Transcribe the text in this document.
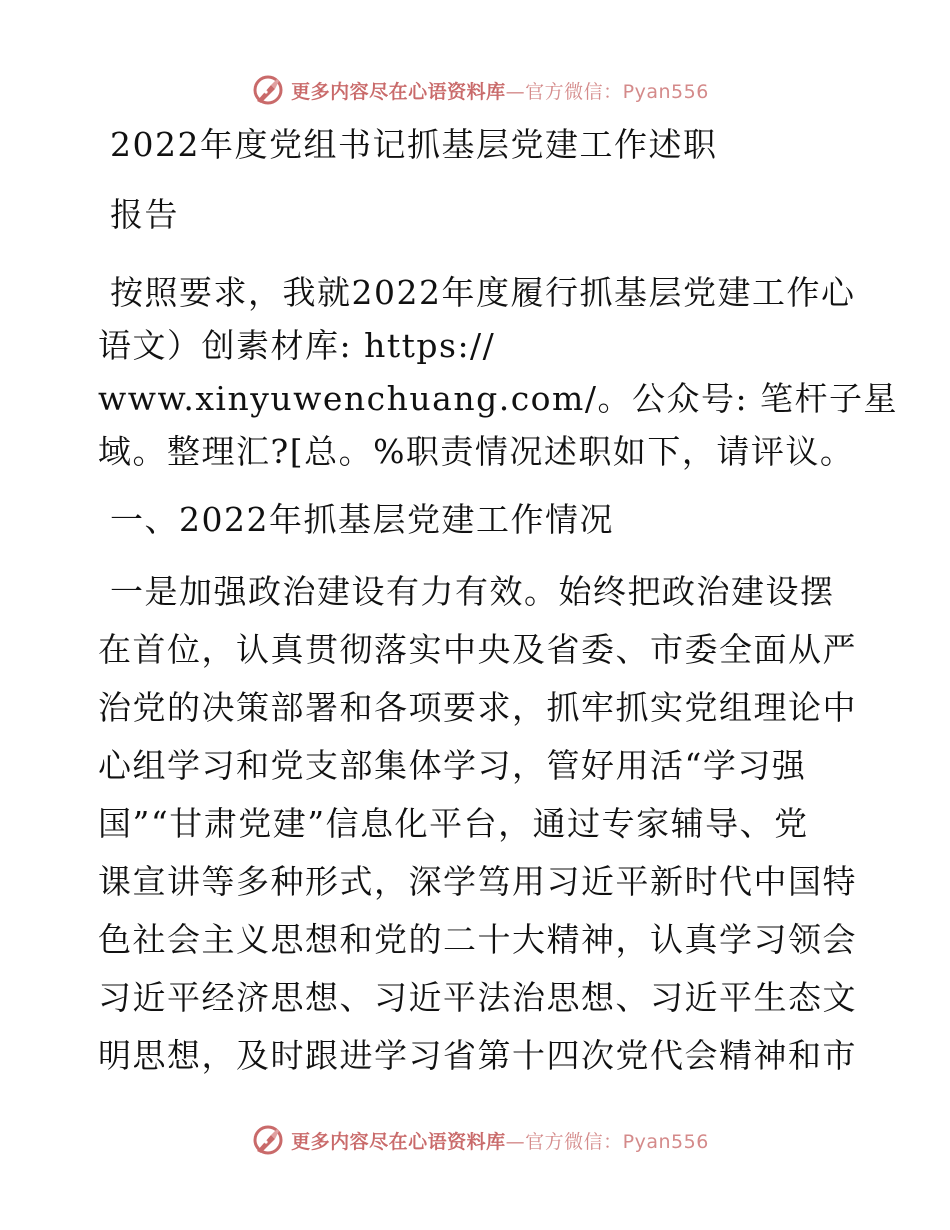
更多内容尽在心语资料库—官方微信：Pyan556
2022年度党组书记抓基层党建工作述职
报告
按照要求，我就2022年度履行抓基层党建工作心
语文）创素材库: https://
www.xinyuwenchuang.com/。公众号: 笔杆子星
域。整理汇?[总。%职责情况述职如下，请评议。
一、2022年抓基层党建工作情况
一是加强政治建设有力有效。始终把政治建设摆
在首位，认真贯彻落实中央及省委、市委全面从严
治党的决策部署和各项要求，抓牢抓实党组理论中
心组学习和党支部集体学习，管好用活“学习强
国”“甘肃党建”信息化平台，通过专家辅导、党
课宣讲等多种形式，深学笃用习近平新时代中国特
色社会主义思想和党的二十大精神，认真学习领会
习近平经济思想、习近平法治思想、习近平生态文
明思想，及时跟进学习省第十四次党代会精神和市
更多内容尽在心语资料库—官方微信：Pyan556
